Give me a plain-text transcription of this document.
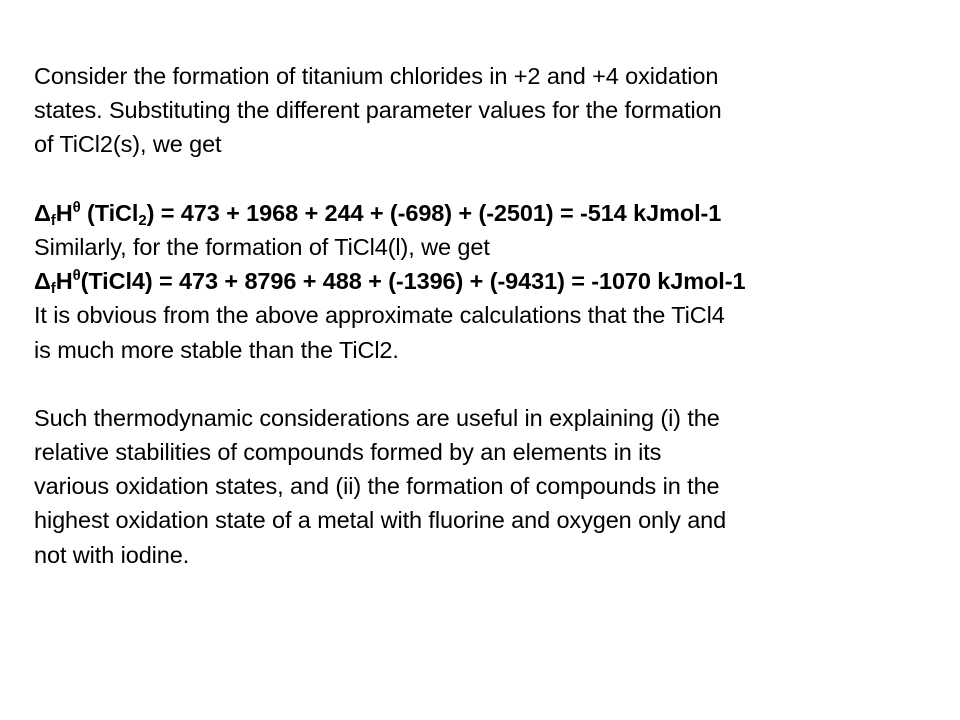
Consider the formation of titanium chlorides in +2 and +4 oxidation
states. Substituting the different parameter values for the formation
of TiCl2(s), we get
$\Delta_fH^\theta$ (TiCl$_2$) = 473 + 1968 + 244 + (-698) + (-2501) = -514 kJmol-1
Similarly, for the formation of TiCl4(l), we get
$\Delta_fH^\theta(TiCl4) = 473 + 8796 + 488 + (-1396) + (-9431) = -1070$ kJmol-1
It is obvious from the above approximate calculations that the TiCl4
is much more stable than the TiCl2.
Such thermodynamic considerations are useful in explaining (i) the
relative stabilities of compounds formed by an elements in its
various oxidation states, and (ii) the formation of compounds in the
highest oxidation state of a metal with fluorine and oxygen only and
not with iodine.
